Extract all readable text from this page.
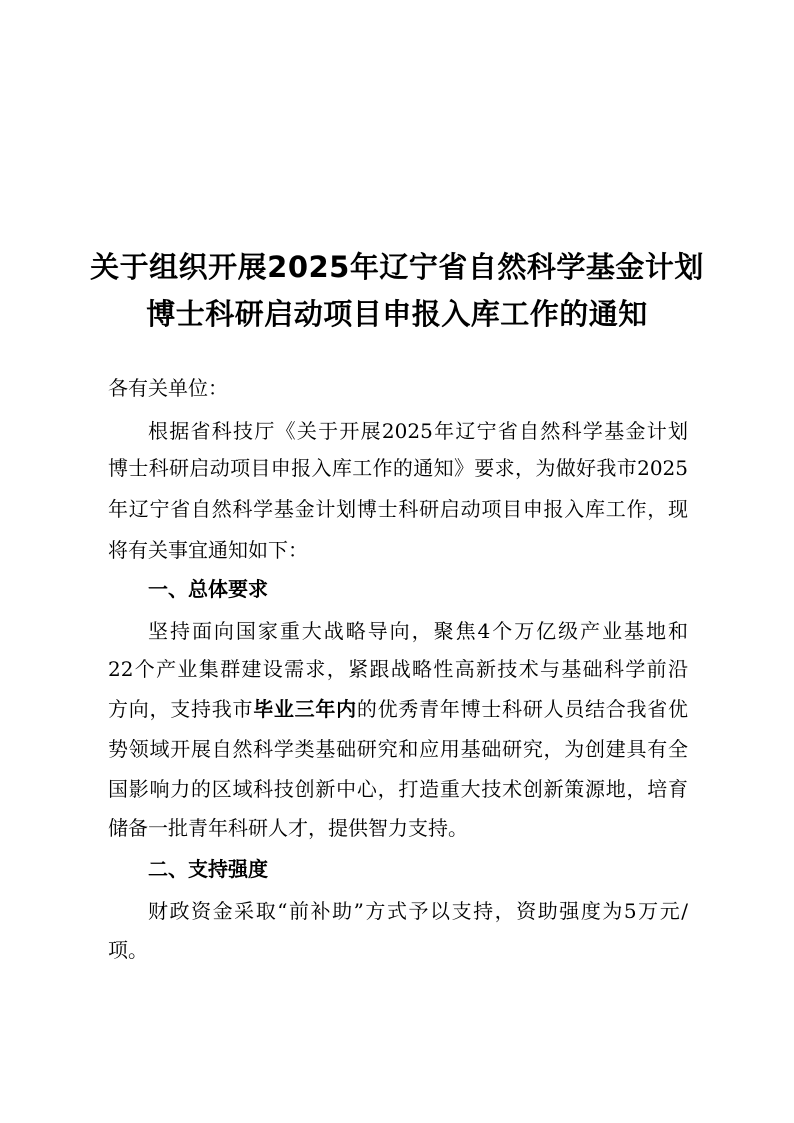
关于组织开展2025年辽宁省自然科学基金计划
博士科研启动项目申报入库工作的通知
各有关单位：
根据省科技厅《关于开展2025年辽宁省自然科学基金计划
博士科研启动项目申报入库工作的通知》要求，为做好我市2025
年辽宁省自然科学基金计划博士科研启动项目申报入库工作，现
将有关事宜通知如下：
一、总体要求
坚持面向国家重大战略导向，聚焦4个万亿级产业基地和
22个产业集群建设需求，紧跟战略性高新技术与基础科学前沿
方向，支持我市毕业三年内的优秀青年博士科研人员结合我省优
势领域开展自然科学类基础研究和应用基础研究，为创建具有全
国影响力的区域科技创新中心，打造重大技术创新策源地，培育
储备一批青年科研人才，提供智力支持。
二、支持强度
财政资金采取“前补助”方式予以支持，资助强度为5万元/
项。
